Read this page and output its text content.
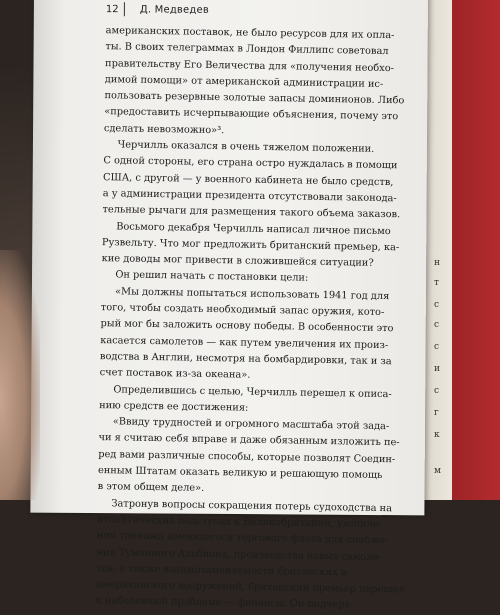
н
т
с
с
с
и
с
г
к
м
12	Д. Медведев
американских поставок, не было ресурсов для их опла-
ты. В своих телеграммах в Лондон Филлипс советовал
правительству Его Величества для «получения необхо-
димой помощи» от американской администрации ис-
пользовать резервные золотые запасы доминионов. Либо
«предоставить исчерпывающие объяснения, почему это
сделать невозможно»³.
Черчилль оказался в очень тяжелом положении.
С одной стороны, его страна остро нуждалась в помощи
США, с другой — у военного кабинета не было средств,
а у администрации президента отсутствовали законода-
тельные рычаги для размещения такого объема заказов.
Восьмого декабря Черчилль написал личное письмо
Рузвельту. Что мог предложить британский премьер, ка-
кие доводы мог привести в сложившейся ситуации?
Он решил начать с постановки цели:
«Мы должны попытаться использовать 1941 год для
того, чтобы создать необходимый запас оружия, кото-
рый мог бы заложить основу победы. В особенности это
касается самолетов — как путем увеличения их произ-
водства в Англии, несмотря на бомбардировки, так и за
счет поставок из-за океана».
Определившись с целью, Черчилль перешел к описа-
нию средств ее достижения:
«Ввиду трудностей и огромного масштаба этой зада-
чи я считаю себя вправе и даже обязанным изложить пе-
ред вами различные способы, которые позволят Соедин-
енным Штатам оказать великую и решающую помощь
в этом общем деле».
Затронув вопросы сокращения потерь судоходства на
атлантических подступах к Великобритании, увеличе-
ния тоннажа имеющегося торгового флота для снабже-
ния Туманного Альбиона, производства новых самоле-
тов, а также взаимозаменяемости британских и
американского вооружений, британский премьер перешел
к наболевшей проблеме — финансы. Он подчерк-
